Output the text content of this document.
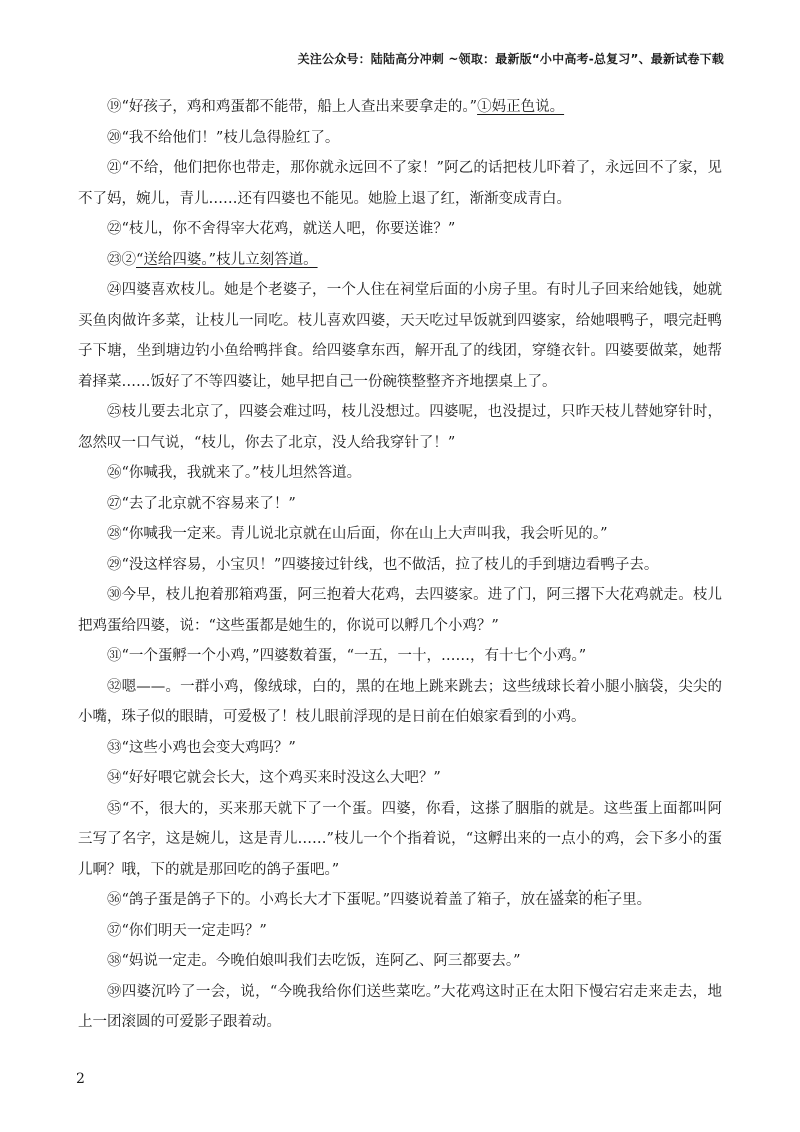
关注公众号：陆陆高分冲刺 ~领取：最新版“小中高考-总复习”、最新试卷下载

⑲“好孩子，鸡和鸡蛋都不能带，船上人查出来要拿走的。”①妈正色说。

⑳“我不给他们！”枝儿急得脸红了。

㉑“不给，他们把你也带走，那你就永远回不了家！”阿乙的话把枝儿吓着了，永远回不了家，见不了妈，婉儿，青儿……还有四婆也不能见。她脸上退了红，渐渐变成青白。

㉒“枝儿，你不舍得宰大花鸡，就送人吧，你要送谁？”

㉓②“送给四婆。”枝儿立刻答道。

㉔四婆喜欢枝儿。她是个老婆子，一个人住在祠堂后面的小房子里。有时儿子回来给她钱，她就买鱼肉做许多菜，让枝儿一同吃。枝儿喜欢四婆，天天吃过早饭就到四婆家，给她喂鸭子，喂完赶鸭子下塘，坐到塘边钓小鱼给鸭拌食。给四婆拿东西，解开乱了的线团，穿缝衣针。四婆要做菜，她帮着择菜……饭好了不等四婆让，她早把自己一份碗筷整整齐齐地摆桌上了。

㉕枝儿要去北京了，四婆会难过吗，枝儿没想过。四婆呢，也没提过，只昨天枝儿替她穿针时，忽然叹一口气说，“枝儿，你去了北京，没人给我穿针了！”

㉖“你喊我，我就来了。”枝儿坦然答道。

㉗“去了北京就不容易来了！”

㉘“你喊我一定来。青儿说北京就在山后面，你在山上大声叫我，我会听见的。”

㉙“没这样容易，小宝贝！”四婆接过针线，也不做活，拉了枝儿的手到塘边看鸭子去。

㉚今早，枝儿抱着那箱鸡蛋，阿三抱着大花鸡，去四婆家。进了门，阿三撂下大花鸡就走。枝儿把鸡蛋给四婆，说：“这些蛋都是她生的，你说可以孵几个小鸡？”

㉛“一个蛋孵一个小鸡，”四婆数着蛋，“一五，一十，……，有十七个小鸡。”

㉜嗯——。一群小鸡，像绒球，白的，黑的在地上跳来跳去；这些绒球长着小腿小脑袋，尖尖的小嘴，珠子似的眼睛，可爱极了！枝儿眼前浮现的是日前在伯娘家看到的小鸡。

㉝“这些小鸡也会变大鸡吗？”

㉞“好好喂它就会长大，这个鸡买来时没这么大吧？”

㉟“不，很大的，买来那天就下了一个蛋。四婆，你看，这搽了胭脂的就是。这些蛋上面都叫阿三写了名字，这是婉儿，这是青儿……”枝儿一个个指着说，“这孵出来的一点小的鸡，会下多小的蛋儿啊？哦，下的就是那回吃的鸽子蛋吧。”

㊱“鸽子蛋是鸽子下的。小鸡长大才下蛋呢。”四婆说着盖了箱子，放在盛菜的 • • •柜子里。

㊲“你们明天一定走吗？”

㊳“妈说一定走。今晚伯娘叫我们去吃饭，连阿乙、阿三都要去。”

㊴四婆沉吟了一会，说，“今晚我给你们送些菜吃。”大花鸡这时正在太阳下慢宕宕走来走去，地上一团滚圆的可爱影子跟着动。

2
